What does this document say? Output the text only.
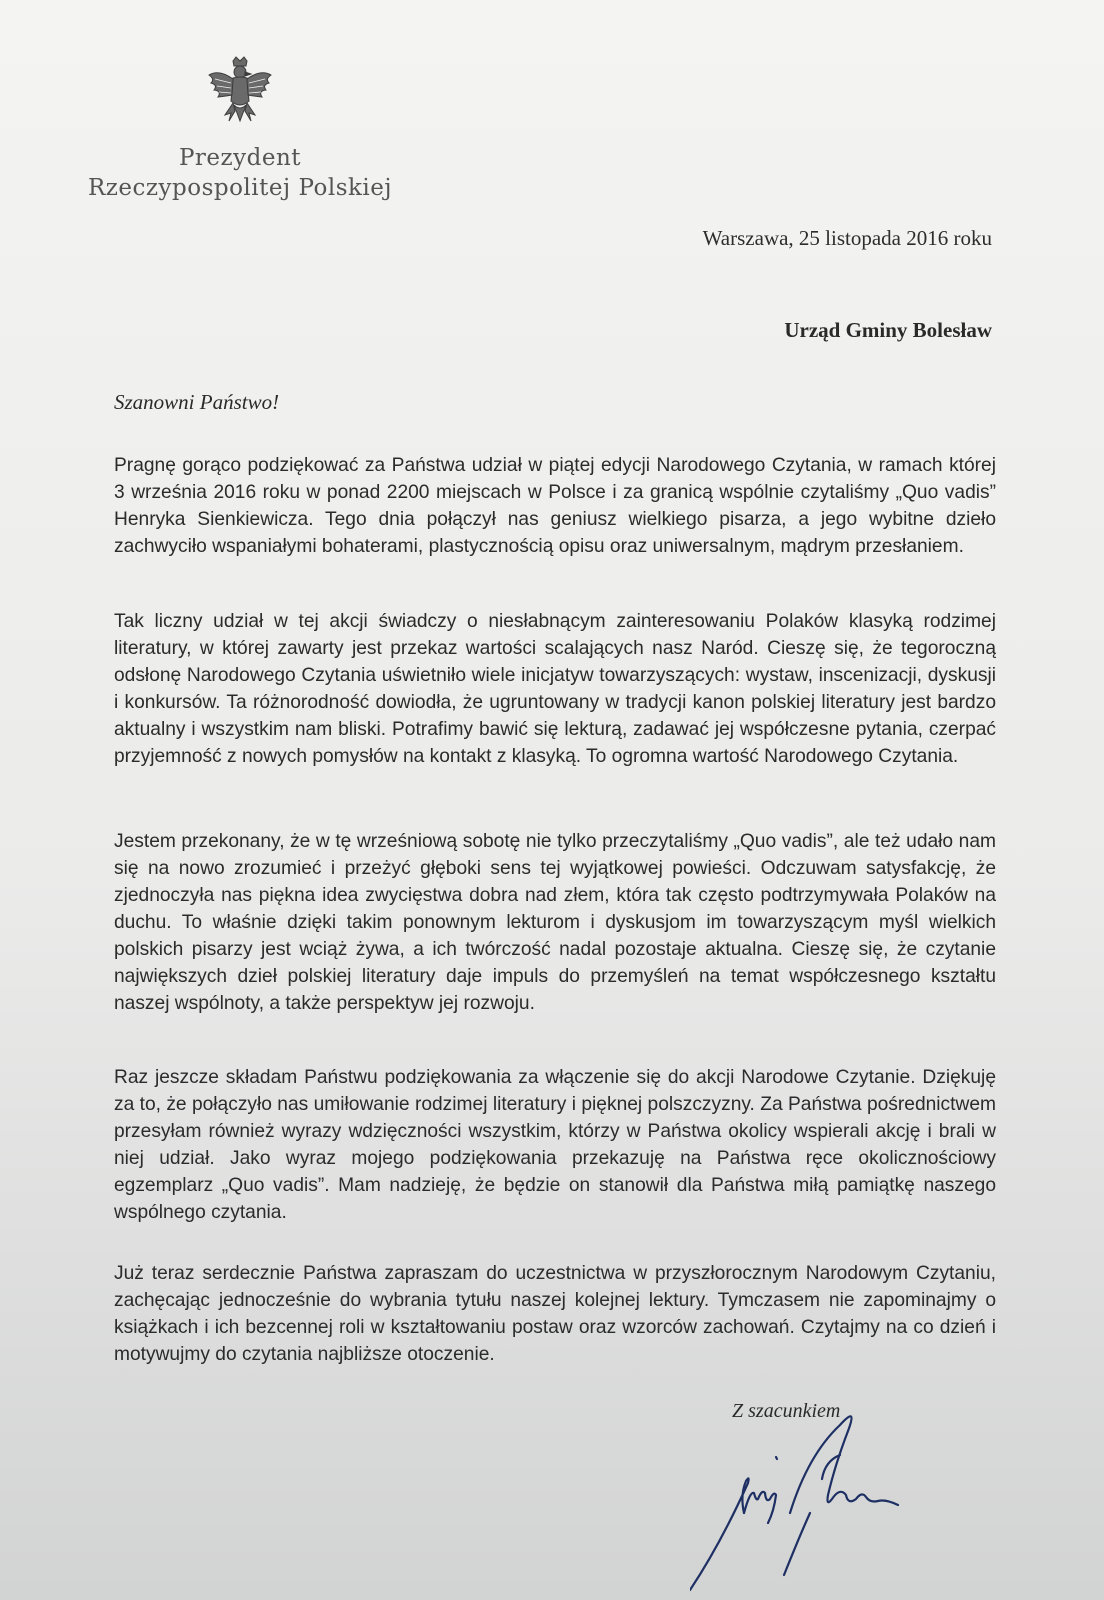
Prezydent
Rzeczypospolitej Polskiej
Warszawa, 25 listopada 2016 roku
Urząd Gminy Bolesław
Szanowni Państwo!

Pragnę gorąco podziękować za Państwa udział w piątej edycji Narodowego Czytania, w ramach której 3 września 2016 roku w ponad 2200 miejscach w Polsce i za granicą wspólnie czytaliśmy „Quo vadis” Henryka Sienkiewicza. Tego dnia połączył nas geniusz wielkiego pisarza, a jego wybitne dzieło zachwyciło wspaniałymi bohaterami, plastycznością opisu oraz uniwersalnym, mądrym przesłaniem.

Tak liczny udział w tej akcji świadczy o niesłabnącym zainteresowaniu Polaków klasyką rodzimej literatury, w której zawarty jest przekaz wartości scalających nasz Naród. Cieszę się, że tegoroczną odsłonę Narodowego Czytania uświetniło wiele inicjatyw towarzyszących: wystaw, inscenizacji, dyskusji i konkursów. Ta różnorodność dowiodła, że ugruntowany w tradycji kanon polskiej literatury jest bardzo aktualny i wszystkim nam bliski. Potrafimy bawić się lekturą, zadawać jej współczesne pytania, czerpać przyjemność z nowych pomysłów na kontakt z klasyką. To ogromna wartość Narodowego Czytania.

Jestem przekonany, że w tę wrześniową sobotę nie tylko przeczytaliśmy „Quo vadis”, ale też udało nam się na nowo zrozumieć i przeżyć głęboki sens tej wyjątkowej powieści. Odczuwam satysfakcję, że zjednoczyła nas piękna idea zwycięstwa dobra nad złem, która tak często podtrzymywała Polaków na duchu. To właśnie dzięki takim ponownym lekturom i dyskusjom im towarzyszącym myśl wielkich polskich pisarzy jest wciąż żywa, a ich twórczość nadal pozostaje aktualna. Cieszę się, że czytanie największych dzieł polskiej literatury daje impuls do przemyśleń na temat współczesnego kształtu naszej wspólnoty, a także perspektyw jej rozwoju.

Raz jeszcze składam Państwu podziękowania za włączenie się do akcji Narodowe Czytanie. Dziękuję za to, że połączyło nas umiłowanie rodzimej literatury i pięknej polszczyzny. Za Państwa pośrednictwem przesyłam również wyrazy wdzięczności wszystkim, którzy w Państwa okolicy wspierali akcję i brali w niej udział. Jako wyraz mojego podziękowania przekazuję na Państwa ręce okolicznościowy egzemplarz „Quo vadis”. Mam nadzieję, że będzie on stanowił dla Państwa miłą pamiątkę naszego wspólnego czytania.

Już teraz serdecznie Państwa zapraszam do uczestnictwa w przyszłorocznym Narodowym Czytaniu, zachęcając jednocześnie do wybrania tytułu naszej kolejnej lektury. Tymczasem nie zapominajmy o książkach i ich bezcennej roli w kształtowaniu postaw oraz wzorców zachowań. Czytajmy na co dzień i motywujmy do czytania najbliższe otoczenie.

Z szacunkiem
